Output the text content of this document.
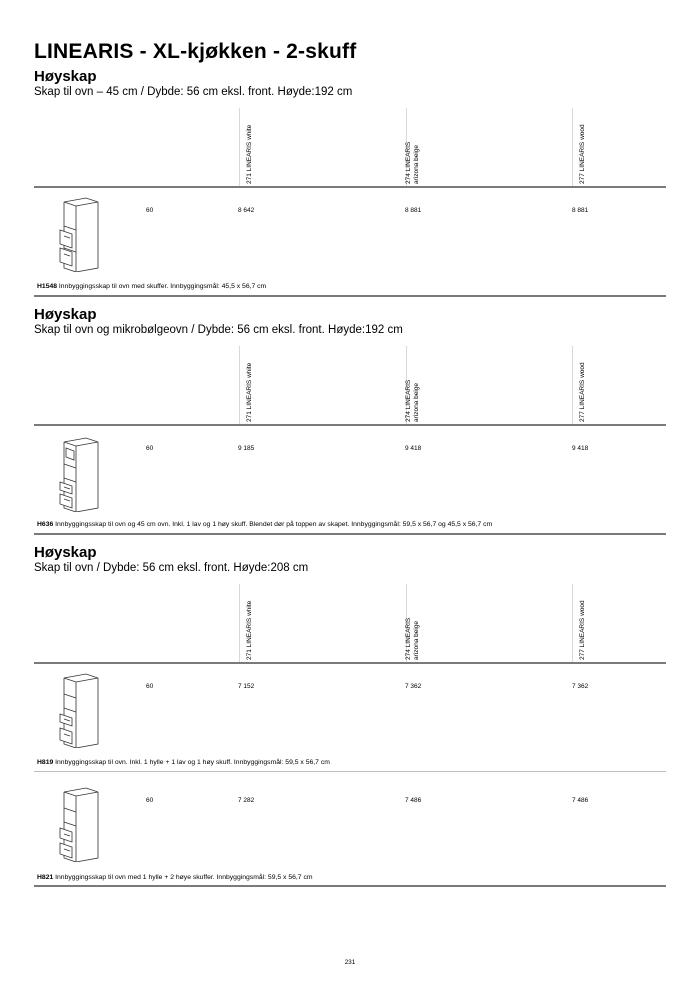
LINEARIS - XL-kjøkken - 2-skuff
Høyskap
Skap til ovn – 45 cm / Dybde: 56 cm eksl. front. Høyde:192 cm
271 LINEARIS white	274 LINEARIS arizona beige	277 LINEARIS wood
60	8 642	8 881	8 881
H1548 Innbyggingsskap til ovn med skuffer. Innbyggingsmål: 45,5 x 56,7 cm
Høyskap
Skap til ovn og mikrobølgeovn / Dybde: 56 cm eksl. front. Høyde:192 cm
271 LINEARIS white	274 LINEARIS arizona beige	277 LINEARIS wood
60	9 185	9 418	9 418
H636 Innbyggingsskap til ovn og 45 cm ovn. Inkl. 1 lav og 1 høy skuff. Blendet dør på toppen av skapet. Innbyggingsmål: 59,5 x 56,7 og 45,5 x 56,7 cm
Høyskap
Skap til ovn / Dybde: 56 cm eksl. front. Høyde:208 cm
271 LINEARIS white	274 LINEARIS arizona beige	277 LINEARIS wood
60	7 152	7 362	7 362
H819 Innbyggingsskap til ovn. Inkl. 1 hylle + 1 lav og 1 høy skuff. Innbyggingsmål: 59,5 x 56,7 cm
60	7 282	7 486	7 486
H821 Innbyggingsskap til ovn med 1 hylle + 2 høye skuffer. Innbyggingsmål: 59,5 x 56,7 cm
231
